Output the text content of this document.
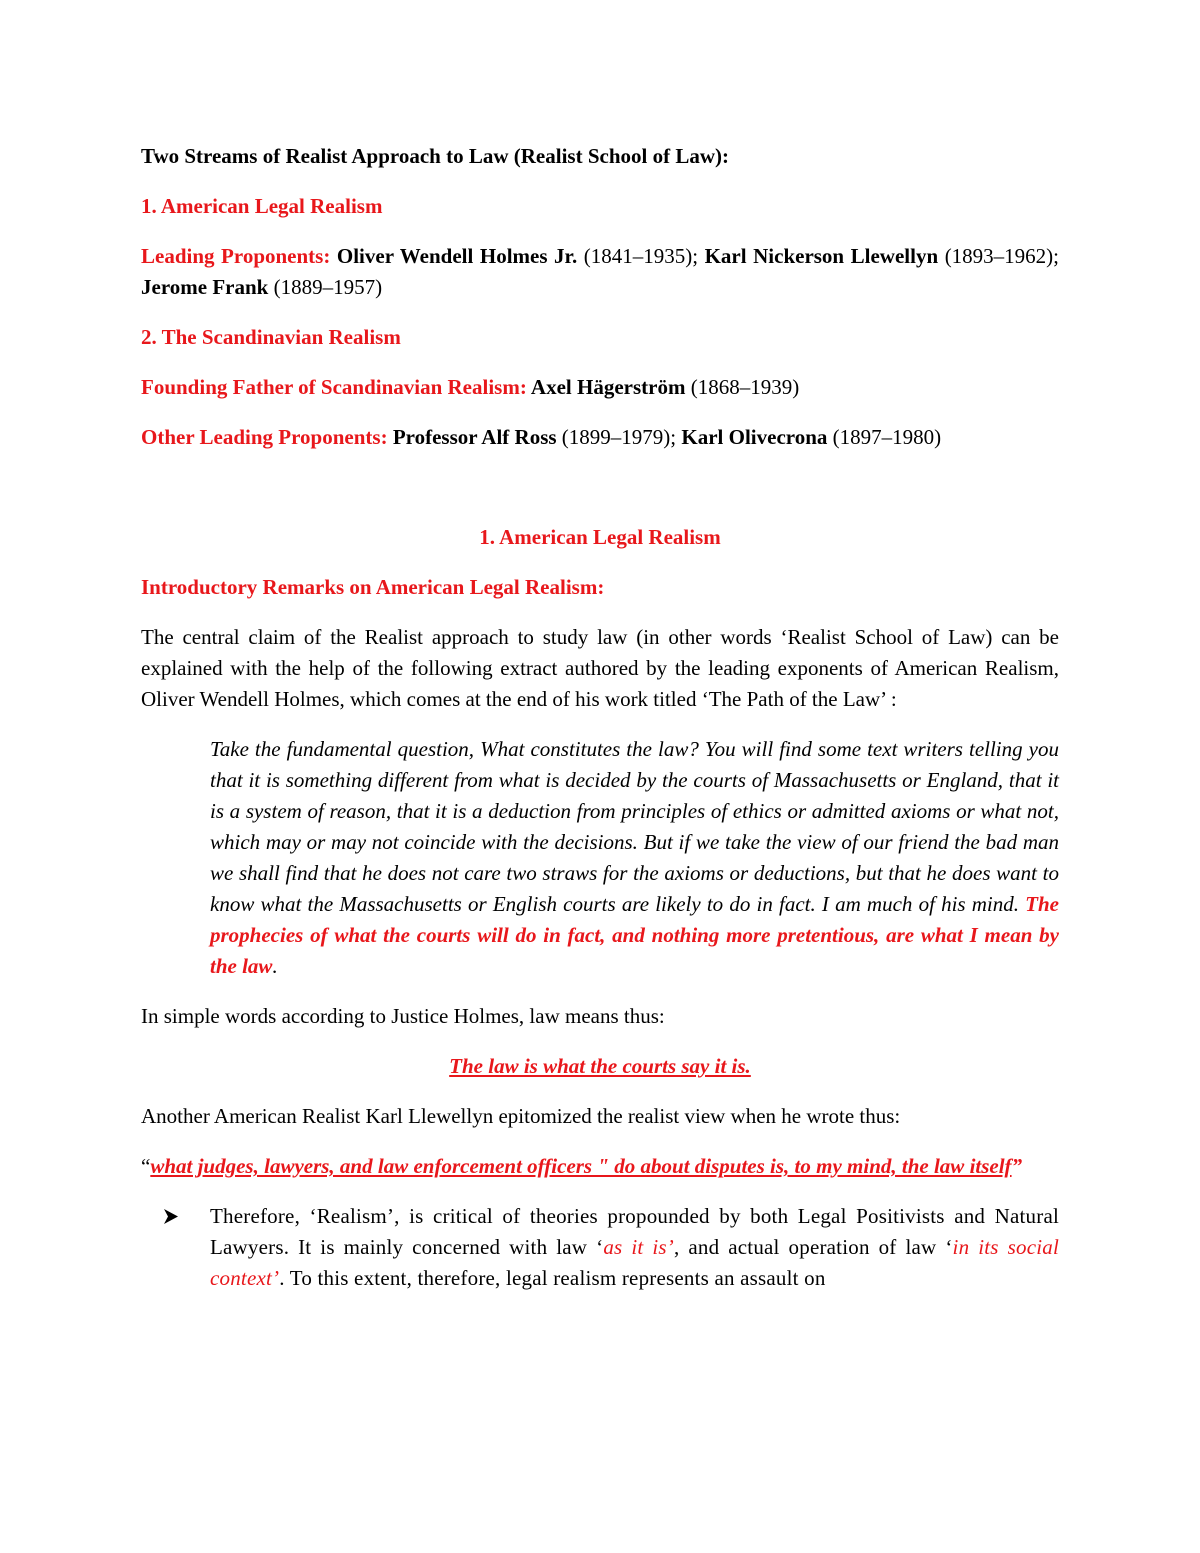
Two Streams of Realist Approach to Law (Realist School of Law):

1. American Legal Realism

Leading Proponents: Oliver Wendell Holmes Jr. (1841–1935); Karl Nickerson Llewellyn (1893–1962); Jerome Frank (1889–1957)

2. The Scandinavian Realism

Founding Father of Scandinavian Realism: Axel Hägerström (1868–1939)

Other Leading Proponents: Professor Alf Ross (1899–1979); Karl Olivecrona (1897–1980)

1. American Legal Realism

Introductory Remarks on American Legal Realism:

The central claim of the Realist approach to study law (in other words ‘Realist School of Law) can be explained with the help of the following extract authored by the leading exponents of American Realism, Oliver Wendell Holmes, which comes at the end of his work titled ‘The Path of the Law’ :

Take the fundamental question, What constitutes the law? You will find some text writers telling you that it is something different from what is decided by the courts of Massachusetts or England, that it is a system of reason, that it is a deduction from principles of ethics or admitted axioms or what not, which may or may not coincide with the decisions. But if we take the view of our friend the bad man we shall find that he does not care two straws for the axioms or deductions, but that he does want to know what the Massachusetts or English courts are likely to do in fact. I am much of his mind. The prophecies of what the courts will do in fact, and nothing more pretentious, are what I mean by the law.

In simple words according to Justice Holmes, law means thus:

The law is what the courts say it is.

Another American Realist Karl Llewellyn epitomized the realist view when he wrote thus:

“what judges, lawyers, and law enforcement officers " do about disputes is, to my mind, the law itself”

Therefore, ‘Realism’, is critical of theories propounded by both Legal Positivists and Natural Lawyers. It is mainly concerned with law ‘as it is’, and actual operation of law ‘in its social context’. To this extent, therefore, legal realism represents an assault on
